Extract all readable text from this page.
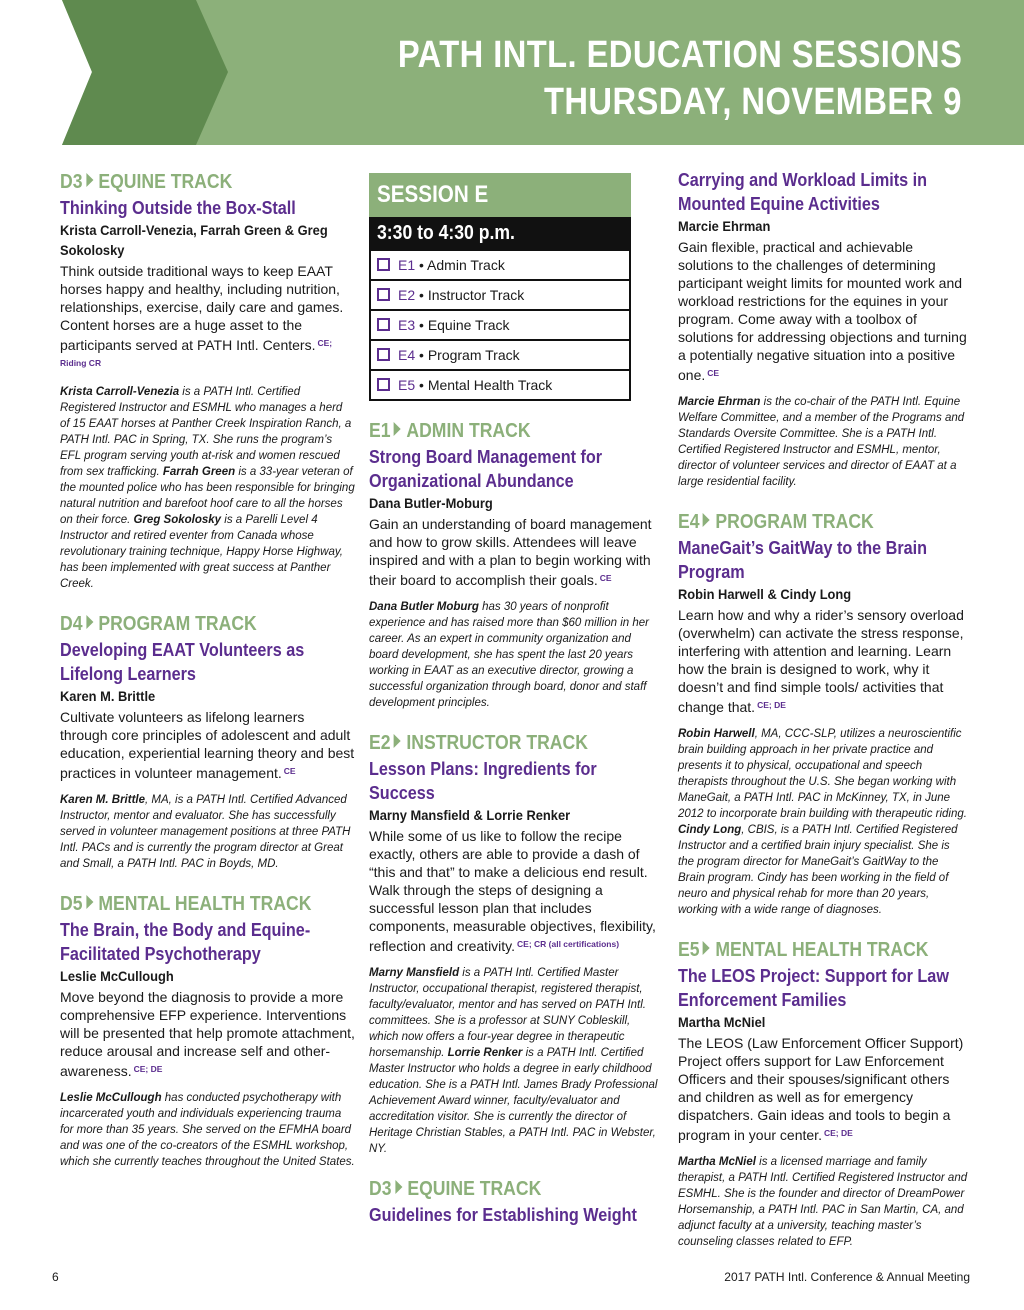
PATH INTL. EDUCATION SESSIONS
THURSDAY, NOVEMBER 9
D3 EQUINE TRACK
Thinking Outside the Box-Stall
Krista Carroll-Venezia, Farrah Green & Greg Sokolosky
Think outside traditional ways to keep EAAT horses happy and healthy, including nutrition, relationships, exercise, daily care and games. Content horses are a huge asset to the participants served at PATH Intl. Centers. $^{CE; Riding CR}$
Krista Carroll-Venezia is a PATH Intl. Certified Registered Instructor and ESMHL who manages a herd of 15 EAAT horses at Panther Creek Inspiration Ranch, a PATH Intl. PAC in Spring, TX. She runs the program’s EFL program serving youth at-risk and women rescued from sex trafficking. Farrah Green is a 33-year veteran of the mounted police who has been responsible for bringing natural nutrition and barefoot hoof care to all the horses on their force. Greg Sokolosky is a Parelli Level 4 Instructor and retired eventer from Canada whose revolutionary training technique, Happy Horse Highway, has been implemented with great success at Panther Creek.
D4 PROGRAM TRACK
Developing EAAT Volunteers as Lifelong Learners
Karen M. Brittle
Cultivate volunteers as lifelong learners through core principles of adolescent and adult education, experiential learning theory and best practices in volunteer management. $^{CE}$
Karen M. Brittle, MA, is a PATH Intl. Certified Advanced Instructor, mentor and evaluator. She has successfully served in volunteer management positions at three PATH Intl. PACs and is currently the program director at Great and Small, a PATH Intl. PAC in Boyds, MD.
D5 MENTAL HEALTH TRACK
The Brain, the Body and Equine-Facilitated Psychotherapy
Leslie McCullough
Move beyond the diagnosis to provide a more comprehensive EFP experience. Interventions will be presented that help promote attachment, reduce arousal and increase self and other-awareness. $^{CE; DE}$
Leslie McCullough has conducted psychotherapy with incarcerated youth and individuals experiencing trauma for more than 35 years. She served on the EFMHA board and was one of the co-creators of the ESMHL workshop, which she currently teaches throughout the United States.
SESSION E
3:30 to 4:30 p.m.
E1 • Admin Track
E2 • Instructor Track
E3 • Equine Track
E4 • Program Track
E5 • Mental Health Track
E1 ADMIN TRACK
Strong Board Management for Organizational Abundance
Dana Butler-Moburg
Gain an understanding of board management and how to grow skills. Attendees will leave inspired and with a plan to begin working with their board to accomplish their goals. $^{CE}$
Dana Butler Moburg has 30 years of nonprofit experience and has raised more than $60 million in her career. As an expert in community organization and board development, she has spent the last 20 years working in EAAT as an executive director, growing a successful organization through board, donor and staff development principles.
E2 INSTRUCTOR TRACK
Lesson Plans: Ingredients for Success
Marny Mansfield & Lorrie Renker
While some of us like to follow the recipe exactly, others are able to provide a dash of “this and that” to make a delicious end result. Walk through the steps of designing a successful lesson plan that includes components, measurable objectives, flexibility, reflection and creativity. $^{CE; CR (all certifications)}$
Marny Mansfield is a PATH Intl. Certified Master Instructor, occupational therapist, registered therapist, faculty/evaluator, mentor and has served on PATH Intl. committees. She is a professor at SUNY Cobleskill, which now offers a four-year degree in therapeutic horsemanship. Lorrie Renker is a PATH Intl. Certified Master Instructor who holds a degree in early childhood education. She is a PATH Intl. James Brady Professional Achievement Award winner, faculty/evaluator and accreditation visitor. She is currently the director of Heritage Christian Stables, a PATH Intl. PAC in Webster, NY.
D3 EQUINE TRACK
Guidelines for Establishing Weight
Carrying and Workload Limits in Mounted Equine Activities
Marcie Ehrman
Gain flexible, practical and achievable solutions to the challenges of determining participant weight limits for mounted work and workload restrictions for the equines in your program. Come away with a toolbox of solutions for addressing objections and turning a potentially negative situation into a positive one. $^{CE}$
Marcie Ehrman is the co-chair of the PATH Intl. Equine Welfare Committee, and a member of the Programs and Standards Oversite Committee. She is a PATH Intl. Certified Registered Instructor and ESMHL, mentor, director of volunteer services and director of EAAT at a large residential facility.
E4 PROGRAM TRACK
ManeGait’s GaitWay to the Brain Program
Robin Harwell & Cindy Long
Learn how and why a rider’s sensory overload (overwhelm) can activate the stress response, interfering with attention and learning. Learn how the brain is designed to work, why it doesn’t and find simple tools/ activities that change that. $^{CE; DE}$
Robin Harwell, MA, CCC-SLP, utilizes a neuroscientific brain building approach in her private practice and presents it to physical, occupational and speech therapists throughout the U.S. She began working with ManeGait, a PATH Intl. PAC in McKinney, TX, in June 2012 to incorporate brain building with therapeutic riding. Cindy Long, CBIS, is a PATH Intl. Certified Registered Instructor and a certified brain injury specialist. She is the program director for ManeGait’s GaitWay to the Brain program. Cindy has been working in the field of neuro and physical rehab for more than 20 years, working with a wide range of diagnoses.
E5 MENTAL HEALTH TRACK
The LEOS Project: Support for Law Enforcement Families
Martha McNiel
The LEOS (Law Enforcement Officer Support) Project offers support for Law Enforcement Officers and their spouses/significant others and children as well as for emergency dispatchers. Gain ideas and tools to begin a program in your center. $^{CE; DE}$
Martha McNiel is a licensed marriage and family therapist, a PATH Intl. Certified Registered Instructor and ESMHL. She is the founder and director of DreamPower Horsemanship, a PATH Intl. PAC in San Martin, CA, and adjunct faculty at a university, teaching master’s counseling classes related to EFP.
6	2017 PATH Intl. Conference & Annual Meeting
